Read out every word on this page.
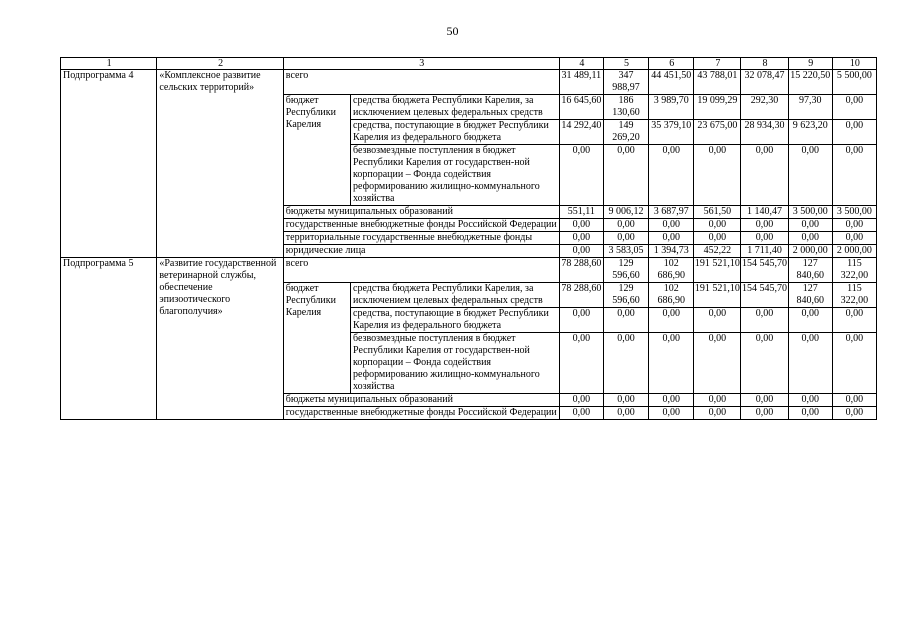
50
1	2	3		4	5	6	7	8	9	10
Подпрограмма 4	«Комплексное развитие сельских территорий»	всего		31 489,11	347 988,97	44 451,50	43 788,01	32 078,47	15 220,50	5 500,00
		бюджет Республики Карелия	средства бюджета Республики Карелия, за исключением целевых федеральных средств	16 645,60	186 130,60	3 989,70	19 099,29	292,30	97,30	0,00
			средства, поступающие в бюджет Республики Карелия из федерального бюджета	14 292,40	149 269,20	35 379,10	23 675,00	28 934,30	9 623,20	0,00
			безвозмездные поступления в бюджет Республики Карелия от государствен-ной корпорации – Фонда содействия реформированию жилищно-коммунального хозяйства	0,00	0,00	0,00	0,00	0,00	0,00	0,00
		бюджеты муниципальных образований		551,11	9 006,12	3 687,97	561,50	1 140,47	3 500,00	3 500,00
		государственные внебюджетные фонды Российской Федерации		0,00	0,00	0,00	0,00	0,00	0,00	0,00
		территориальные государственные внебюджетные фонды		0,00	0,00	0,00	0,00	0,00	0,00	0,00
		юридические лица		0,00	3 583,05	1 394,73	452,22	1 711,40	2 000,00	2 000,00
Подпрограмма 5	«Развитие государственной ветеринарной службы, обеспечение эпизоотического благополучия»	всего		78 288,60	129 596,60	102 686,90	191 521,10	154 545,70	127 840,60	115 322,00
		бюджет Республики Карелия	средства бюджета Республики Карелия, за исключением целевых федеральных средств	78 288,60	129 596,60	102 686,90	191 521,10	154 545,70	127 840,60	115 322,00
			средства, поступающие в бюджет Республики Карелия из федерального бюджета	0,00	0,00	0,00	0,00	0,00	0,00	0,00
			безвозмездные поступления в бюджет Республики Карелия от государствен-ной корпорации – Фонда содействия реформированию жилищно-коммунального хозяйства	0,00	0,00	0,00	0,00	0,00	0,00	0,00
		бюджеты муниципальных образований		0,00	0,00	0,00	0,00	0,00	0,00	0,00
		государственные внебюджетные фонды Российской Федерации		0,00	0,00	0,00	0,00	0,00	0,00	0,00
